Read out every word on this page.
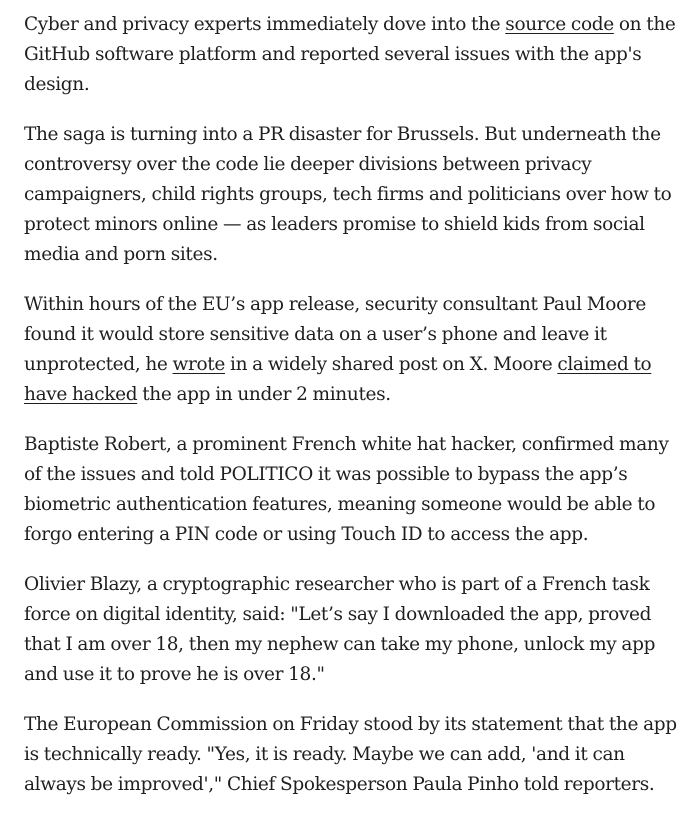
Cyber and privacy experts immediately dove into the source code on the GitHub software platform and reported several issues with the app's design.

The saga is turning into a PR disaster for Brussels. But underneath the controversy over the code lie deeper divisions between privacy campaigners, child rights groups, tech firms and politicians over how to protect minors online — as leaders promise to shield kids from social media and porn sites.

Within hours of the EU’s app release, security consultant Paul Moore found it would store sensitive data on a user’s phone and leave it unprotected, he wrote in a widely shared post on X. Moore claimed to have hacked the app in under 2 minutes.

Baptiste Robert, a prominent French white hat hacker, confirmed many of the issues and told POLITICO it was possible to bypass the app’s biometric authentication features, meaning someone would be able to forgo entering a PIN code or using Touch ID to access the app.

Olivier Blazy, a cryptographic researcher who is part of a French task force on digital identity, said: "Let’s say I downloaded the app, proved that I am over 18, then my nephew can take my phone, unlock my app and use it to prove he is over 18."

The European Commission on Friday stood by its statement that the app is technically ready. "Yes, it is ready. Maybe we can add, 'and it can always be improved'," Chief Spokesperson Paula Pinho told reporters.
